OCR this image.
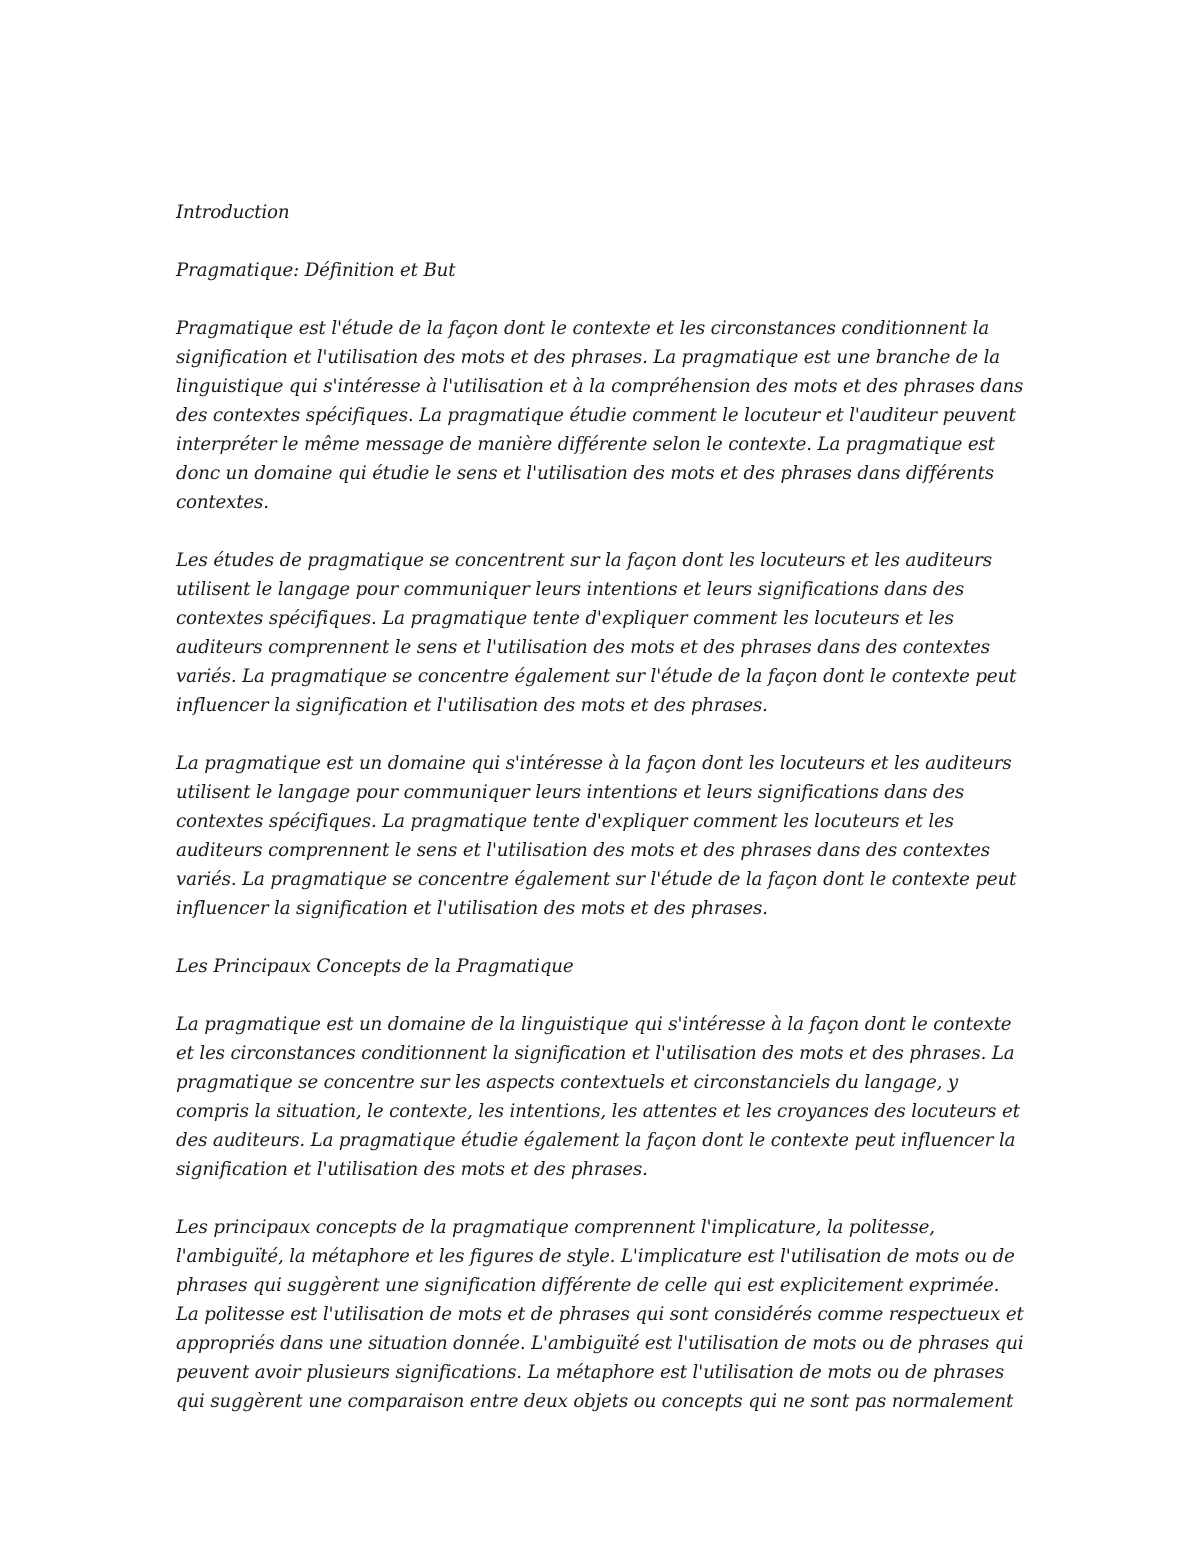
Introduction

Pragmatique: Définition et But

Pragmatique est l'étude de la façon dont le contexte et les circonstances conditionnent la signification et l'utilisation des mots et des phrases. La pragmatique est une branche de la linguistique qui s'intéresse à l'utilisation et à la compréhension des mots et des phrases dans des contextes spécifiques. La pragmatique étudie comment le locuteur et l'auditeur peuvent interpréter le même message de manière différente selon le contexte. La pragmatique est donc un domaine qui étudie le sens et l'utilisation des mots et des phrases dans différents contextes.

Les études de pragmatique se concentrent sur la façon dont les locuteurs et les auditeurs utilisent le langage pour communiquer leurs intentions et leurs significations dans des contextes spécifiques. La pragmatique tente d'expliquer comment les locuteurs et les auditeurs comprennent le sens et l'utilisation des mots et des phrases dans des contextes variés. La pragmatique se concentre également sur l'étude de la façon dont le contexte peut influencer la signification et l'utilisation des mots et des phrases.

La pragmatique est un domaine qui s'intéresse à la façon dont les locuteurs et les auditeurs utilisent le langage pour communiquer leurs intentions et leurs significations dans des contextes spécifiques. La pragmatique tente d'expliquer comment les locuteurs et les auditeurs comprennent le sens et l'utilisation des mots et des phrases dans des contextes variés. La pragmatique se concentre également sur l'étude de la façon dont le contexte peut influencer la signification et l'utilisation des mots et des phrases.

Les Principaux Concepts de la Pragmatique

La pragmatique est un domaine de la linguistique qui s'intéresse à la façon dont le contexte et les circonstances conditionnent la signification et l'utilisation des mots et des phrases. La pragmatique se concentre sur les aspects contextuels et circonstanciels du langage, y compris la situation, le contexte, les intentions, les attentes et les croyances des locuteurs et des auditeurs. La pragmatique étudie également la façon dont le contexte peut influencer la signification et l'utilisation des mots et des phrases.

Les principaux concepts de la pragmatique comprennent l'implicature, la politesse, l'ambiguïté, la métaphore et les figures de style. L'implicature est l'utilisation de mots ou de phrases qui suggèrent une signification différente de celle qui est explicitement exprimée. La politesse est l'utilisation de mots et de phrases qui sont considérés comme respectueux et appropriés dans une situation donnée. L'ambiguïté est l'utilisation de mots ou de phrases qui peuvent avoir plusieurs significations. La métaphore est l'utilisation de mots ou de phrases qui suggèrent une comparaison entre deux objets ou concepts qui ne sont pas normalement
